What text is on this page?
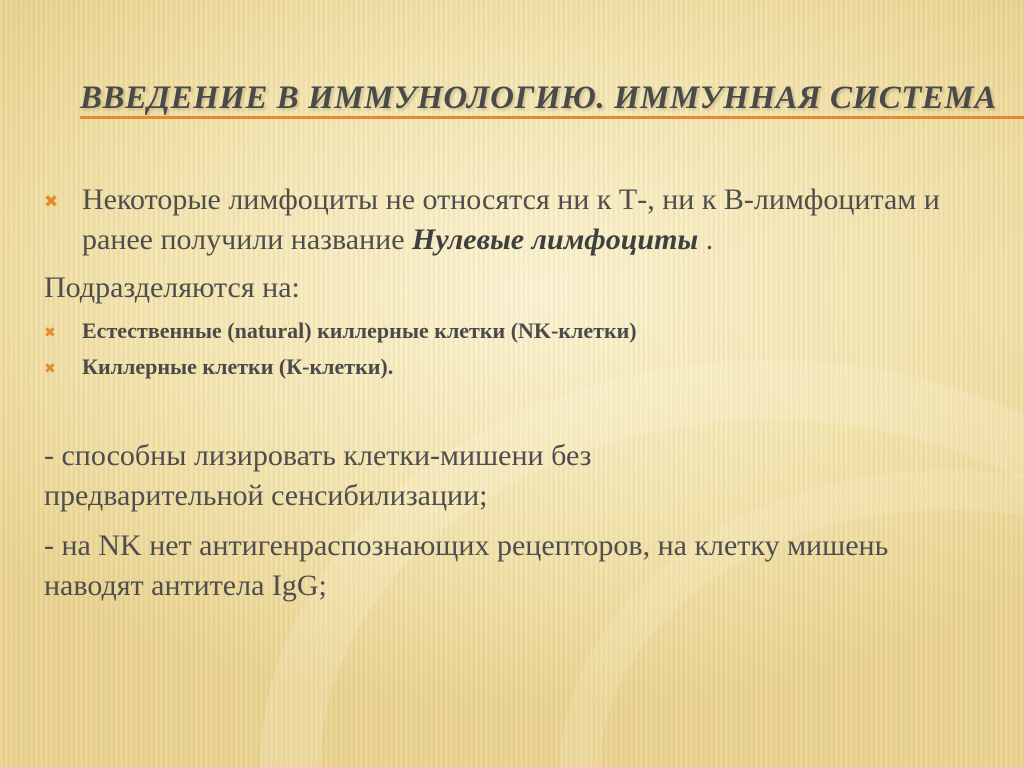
ВВЕДЕНИЕ В ИММУНОЛОГИЮ. ИММУННАЯ СИСТЕМА

✖ Некоторые лимфоциты не относятся ни к Т-, ни к В-лимфоцитам и ранее получили название Нулевые лимфоциты .

Подразделяются на:

✖ Естественные (natural) киллерные клетки (NK-клетки)

✖ Киллерные клетки (К-клетки).

- способны лизировать клетки-мишени без предварительной сенсибилизации;

- на NK нет антигенраспознающих рецепторов, на клетку мишень наводят антитела IgG;
